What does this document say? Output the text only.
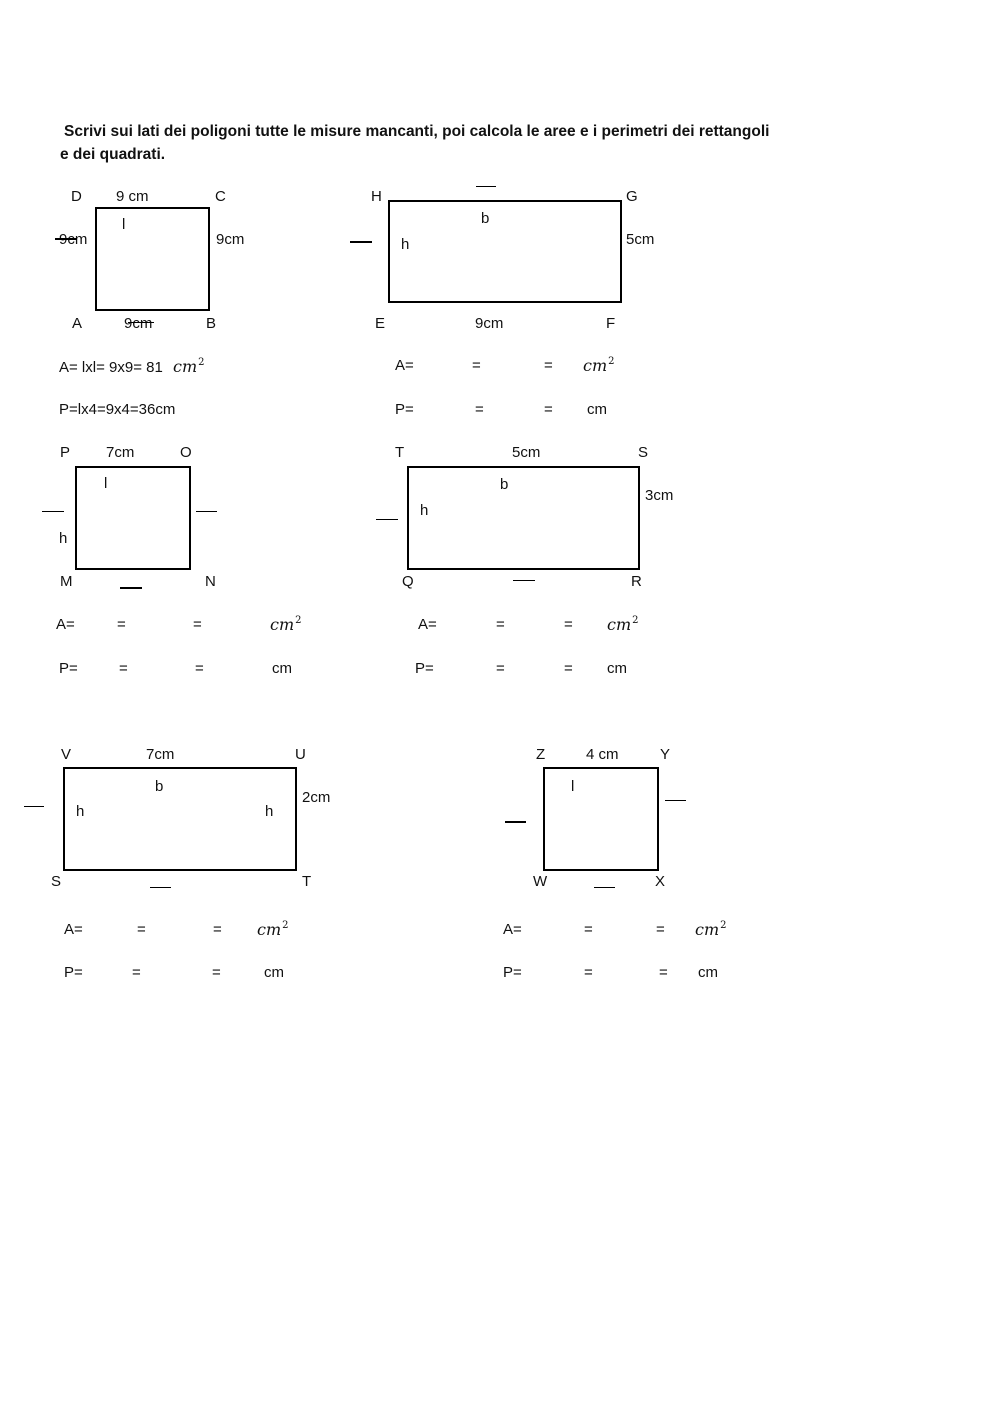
Scrivi sui lati dei poligoni tutte le misure mancanti, poi calcola le aree e i perimetri dei rettangoli
e dei quadrati.
D 9 cm	C
l
9cm	9cm
A	9cm	B
A= lxl= 9x9= 81 $cm^2$
P=lx4=9x4=36cm
H	G
b
h	5cm
E	9cm	F
A=	=	= $cm^2$
P=	=	= cm
P 7cm	O
l
h
M	N
A=	=	=	$cm^2$
P=	=	=	cm
T	5cm	S
b
3cm
h
Q	R
A=	=	= $cm^2$
P=	=	= cm
V	7cm	U
b
2cm
h	h
S	T
A=	=	= $cm^2$
P=	=	=	cm
Z	4 cm	Y
l
W	X
A=	=	= $cm^2$
P=	=	= cm
